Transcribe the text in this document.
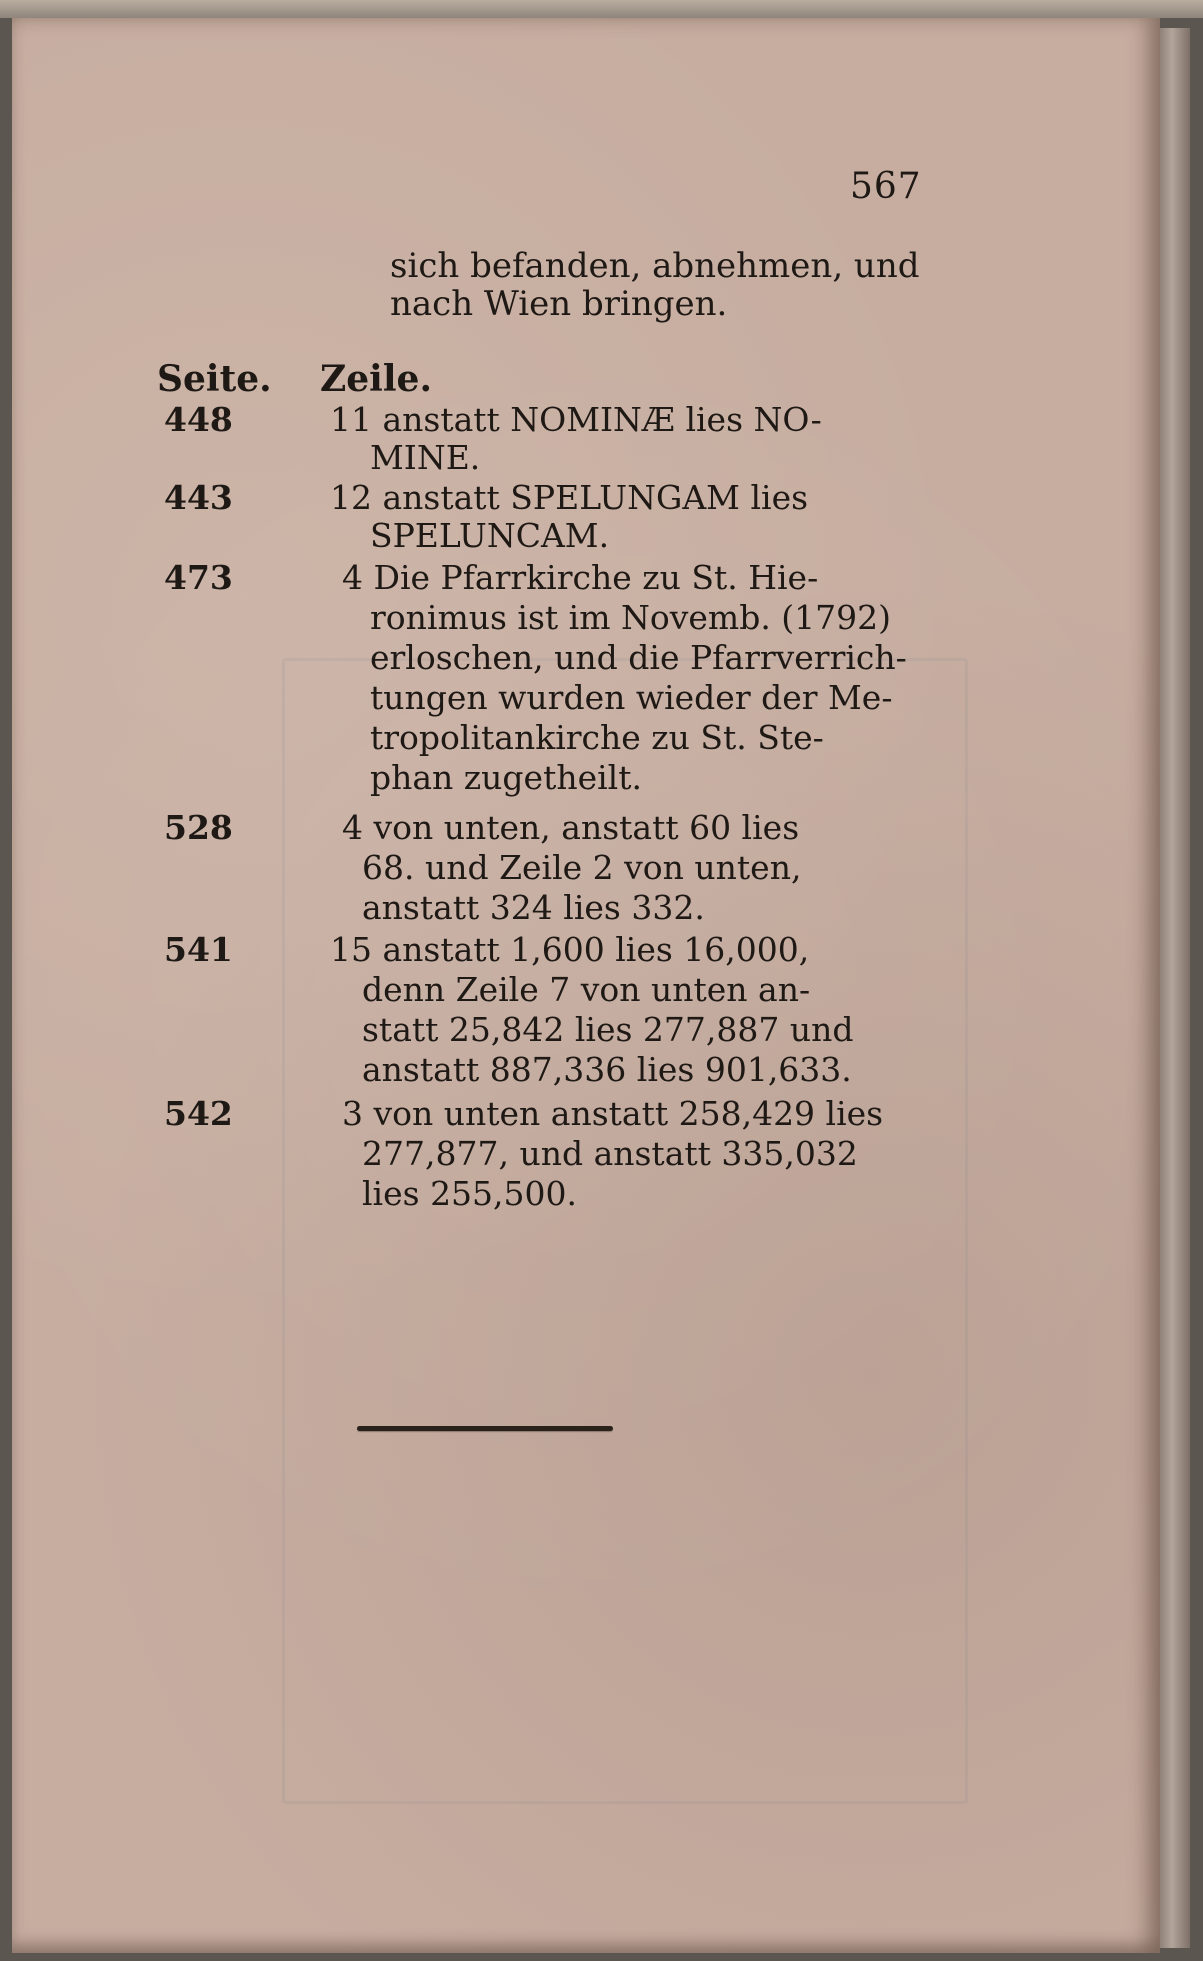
567
sich befanden, abnehmen, und
nach Wien bringen.
Seite. Zeile.
448	11 anstatt NOMINÆ lies NO-
MINE.
443	12 anstatt SPELUNGAM lies
SPELUNCAM.
473	4 Die Pfarrkirche zu St. Hie-
ronimus ist im Novemb. (1792)
erloschen, und die Pfarrverrich-
tungen wurden wieder der Me-
tropolitankirche zu St. Ste-
phan zugetheilt.
528	4 von unten, anstatt 60 lies
68. und Zeile 2 von unten,
anstatt 324 lies 332.
541	15 anstatt 1,600 lies 16,000,
denn Zeile 7 von unten an-
statt 25,842 lies 277,887 und
anstatt 887,336 lies 901,633.
542	3 von unten anstatt 258,429 lies
277,877, und anstatt 335,032
lies 255,500.
